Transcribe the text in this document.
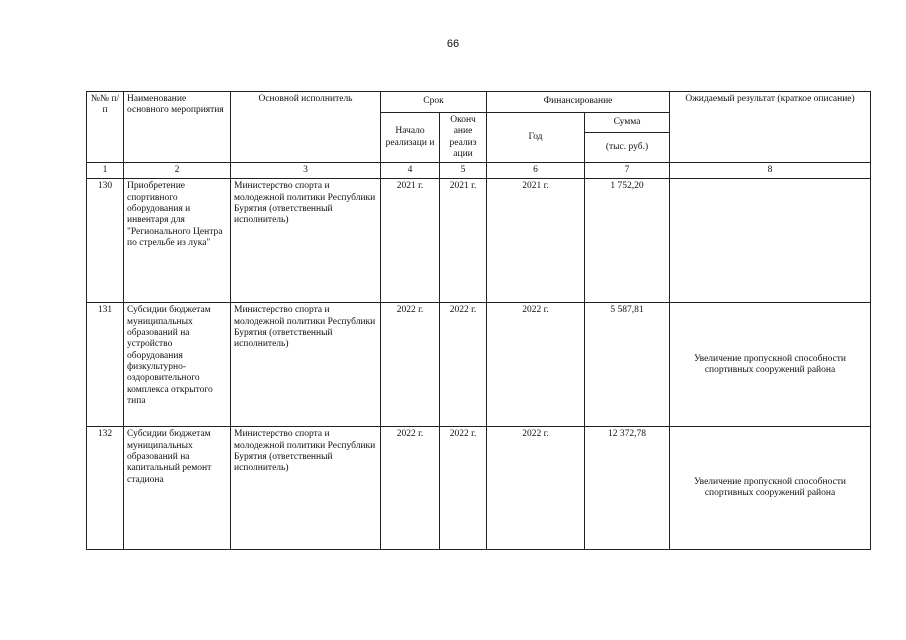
66
№№ п/п	Наименование основного мероприятия	Основной исполнитель	Срок		Финансирование		Ожидаемый результат (краткое описание)
			Начало реализаци и	Оконч ание реализ ации	Год	Сумма	
						(тыс. руб.)	
1	2	3	4	5	6	7	8
130	Приобретение спортивного оборудования и инвентаря для "Регионального Центра по стрельбе из лука"	Министерство спорта и молодежной политики Республики Бурятия (ответственный исполнитель)	2021 г.	2021 г.	2021 г.	1 752,20	
131	Субсидии бюджетам муниципальных образований на устройство оборудования физкультурно-оздоровительного комплекса открытого типа	Министерство спорта и молодежной политики Республики Бурятия (ответственный исполнитель)	2022 г.	2022 г.	2022 г.	5 587,81	Увеличение пропускной способности спортивных сооружений района
132	Субсидии бюджетам муниципальных образований на капитальный ремонт стадиона	Министерство спорта и молодежной политики Республики Бурятия (ответственный исполнитель)	2022 г.	2022 г.	2022 г.	12 372,78	Увеличение пропускной способности спортивных сооружений района
